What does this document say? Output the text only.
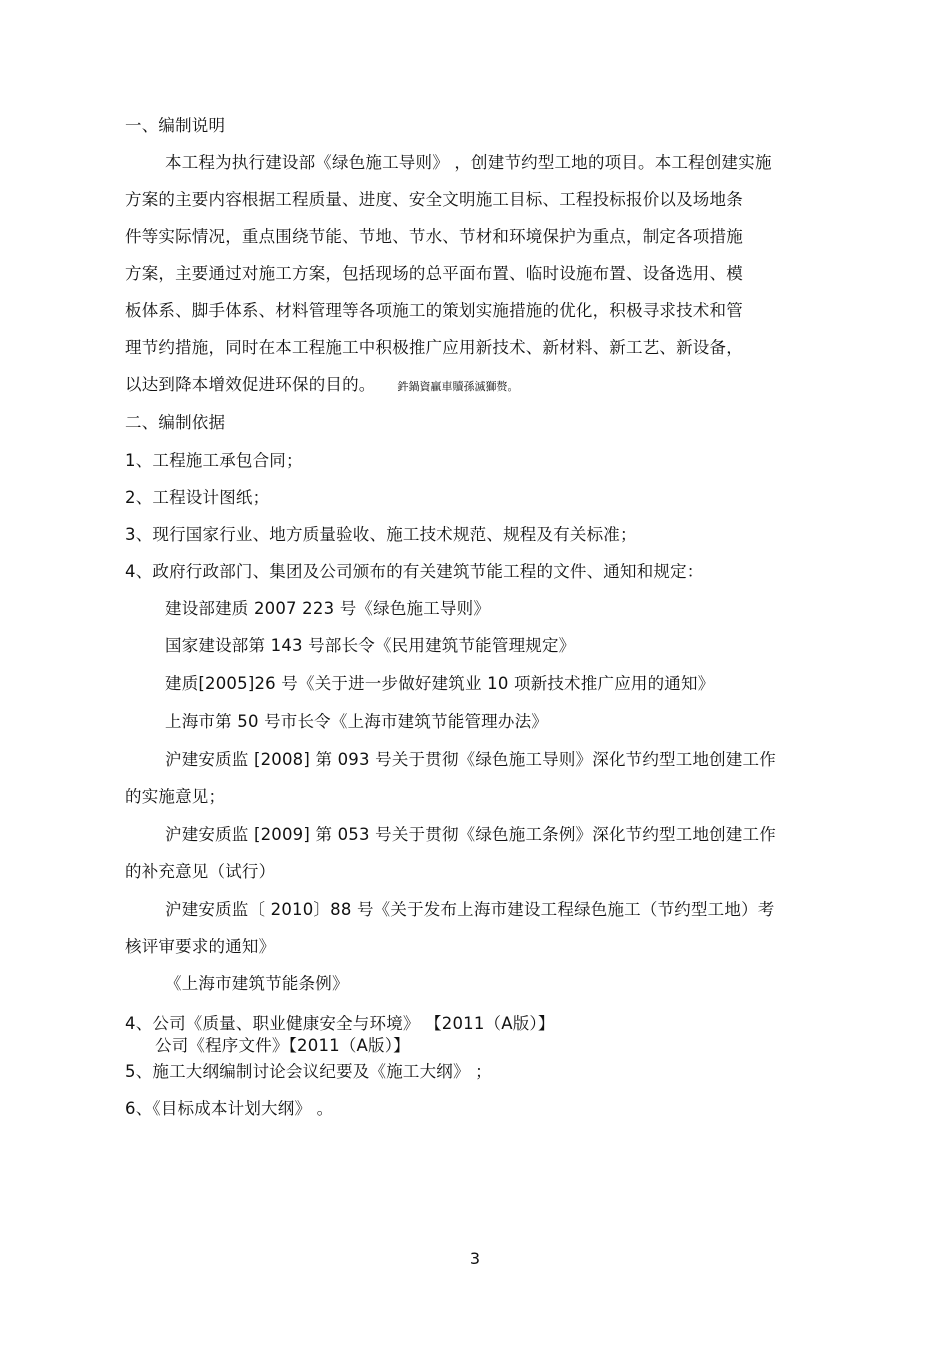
一、编制说明
本工程为执行建设部《绿色施工导则》 ，创建节约型工地的项目。本工程创建实施
方案的主要内容根据工程质量、进度、安全文明施工目标、工程投标报价以及场地条
件等实际情况，重点围绕节能、节地、节水、节材和环境保护为重点，制定各项措施
方案，主要通过对施工方案，包括现场的总平面布置、临时设施布置、设备选用、模
板体系、脚手体系、材料管理等各项施工的策划实施措施的优化，积极寻求技术和管
理节约措施，同时在本工程施工中积极推广应用新技术、新材料、新工艺、新设备，
以达到降本增效促进环保的目的。 鈝鍋資贏車贖孫滅獅赘。
二、编制依据
1、工程施工承包合同；
2、工程设计图纸；
3、现行国家行业、地方质量验收、施工技术规范、规程及有关标准；
4、政府行政部门、集团及公司颁布的有关建筑节能工程的文件、通知和规定：
建设部建质 2007 223 号《绿色施工导则》
国家建设部第 143 号部长令《民用建筑节能管理规定》
建质[2005]26 号《关于进一步做好建筑业 10 项新技术推广应用的通知》
上海市第 50 号市长令《上海市建筑节能管理办法》
沪建安质监 [2008] 第 093 号关于贯彻《绿色施工导则》深化节约型工地创建工作
的实施意见；
沪建安质监 [2009] 第 053 号关于贯彻《绿色施工条例》深化节约型工地创建工作
的补充意见（试行）
沪建安质监〔 2010〕88 号《关于发布上海市建设工程绿色施工（节约型工地）考
核评审要求的通知》
《上海市建筑节能条例》
4、公司《质量、职业健康安全与环境》 【2011（A版）】
公司《程序文件》【2011（A版）】
5、施工大纲编制讨论会议纪要及《施工大纲》 ；
6、《目标成本计划大纲》 。
3
